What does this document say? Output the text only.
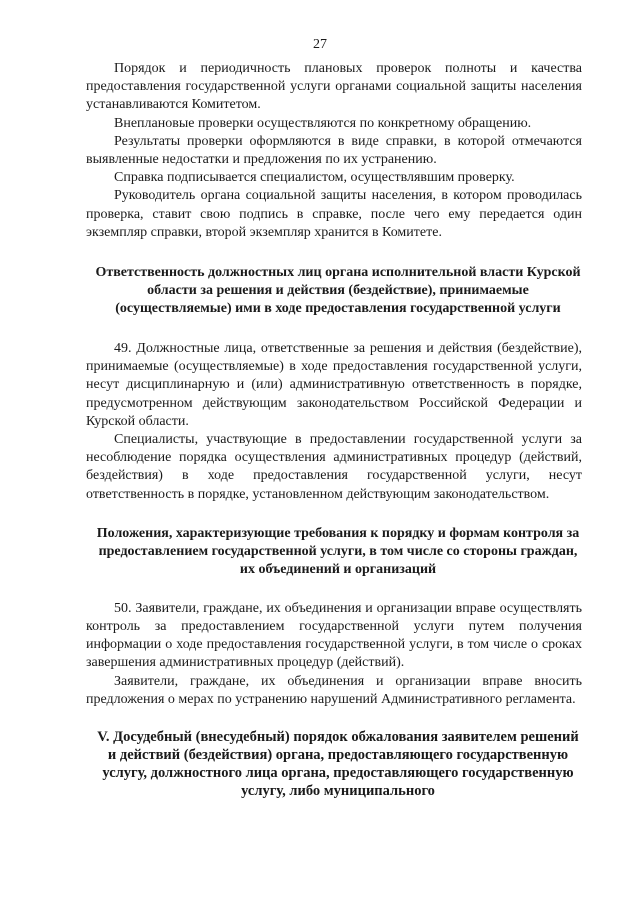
27

Порядок и периодичность плановых проверок полноты и качества предоставления государственной услуги органами социальной защиты населения устанавливаются Комитетом.

Внеплановые проверки осуществляются по конкретному обращению.

Результаты проверки оформляются в виде справки, в которой отмечаются выявленные недостатки и предложения по их устранению.

Справка подписывается специалистом, осуществлявшим проверку.

Руководитель органа социальной защиты населения, в котором проводилась проверка, ставит свою подпись в справке, после чего ему передается один экземпляр справки, второй экземпляр хранится в Комитете.

Ответственность должностных лиц органа исполнительной власти Курской области за решения и действия (бездействие), принимаемые (осуществляемые) ими в ходе предоставления государственной услуги

49. Должностные лица, ответственные за решения и действия (бездействие), принимаемые (осуществляемые) в ходе предоставления государственной услуги, несут дисциплинарную и (или) административную ответственность в порядке, предусмотренном действующим законодательством Российской Федерации и Курской области.

Специалисты, участвующие в предоставлении государственной услуги за несоблюдение порядка осуществления административных процедур (действий, бездействия) в ходе предоставления государственной услуги, несут ответственность в порядке, установленном действующим законодательством.

Положения, характеризующие требования к порядку и формам контроля за предоставлением государственной услуги, в том числе со стороны граждан, их объединений и организаций

50. Заявители, граждане, их объединения и организации вправе осуществлять контроль за предоставлением государственной услуги путем получения информации о ходе предоставления государственной услуги, в том числе о сроках завершения административных процедур (действий).

Заявители, граждане, их объединения и организации вправе вносить предложения о мерах по устранению нарушений Административного регламента.

V. Досудебный (внесудебный) порядок обжалования заявителем решений и действий (бездействия) органа, предоставляющего государственную услугу, должностного лица органа, предоставляющего государственную услугу, либо муниципального
